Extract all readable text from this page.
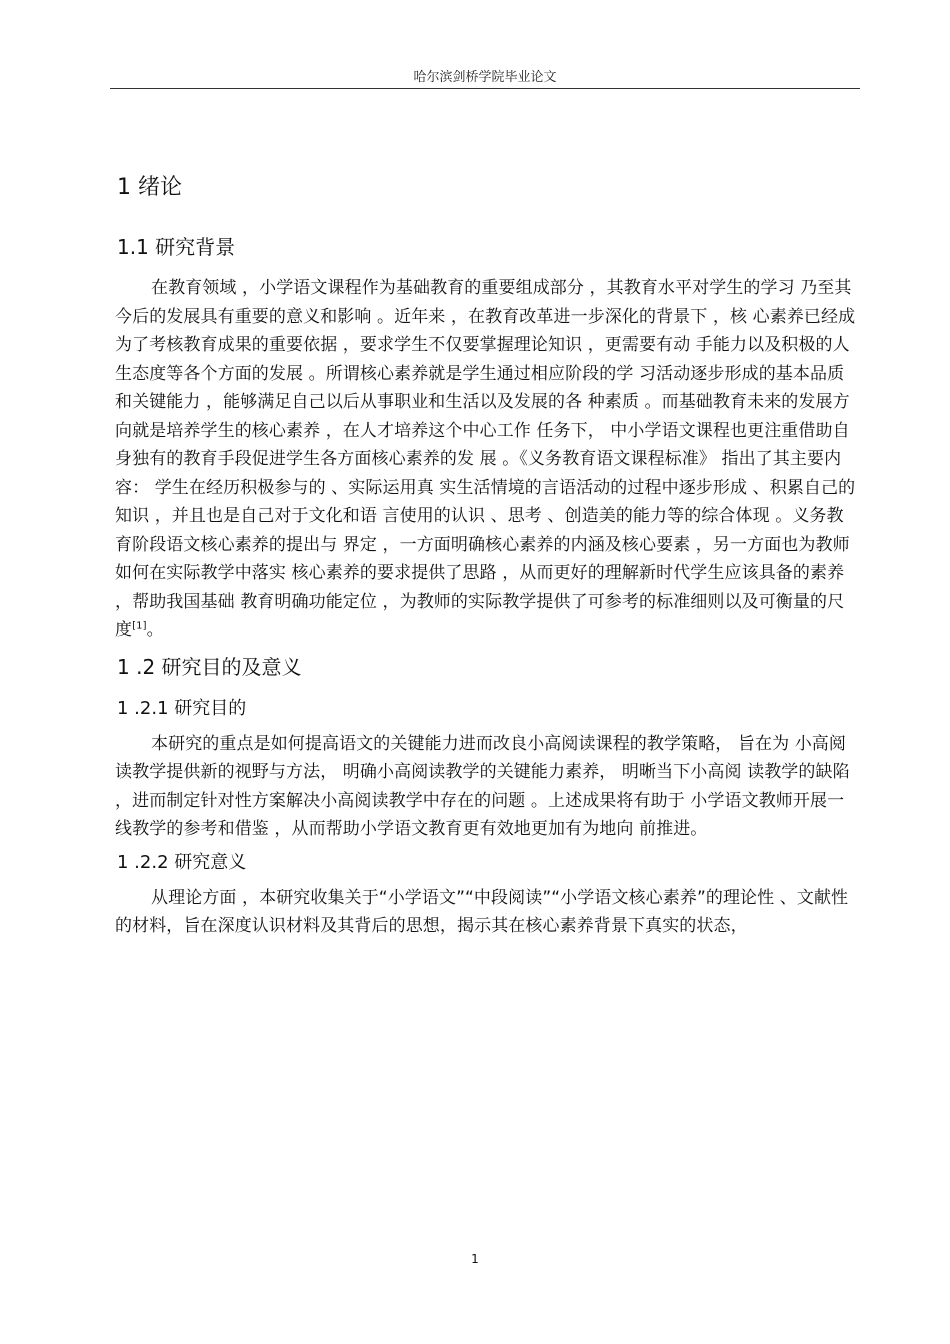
哈尔滨剑桥学院毕业论文
1 绪论
1.1 研究背景

在教育领域 ，小学语文课程作为基础教育的重要组成部分 ，其教育水平对学生的学习 乃至其今后的发展具有重要的意义和影响 。近年来 ，在教育改革进一步深化的背景下 ，核 心素养已经成为了考核教育成果的重要依据 ，要求学生不仅要掌握理论知识 ，更需要有动 手能力以及积极的人生态度等各个方面的发展 。所谓核心素养就是学生通过相应阶段的学 习活动逐步形成的基本品质和关键能力 ，能够满足自己以后从事职业和生活以及发展的各 种素质 。而基础教育未来的发展方向就是培养学生的核心素养 ，在人才培养这个中心工作 任务下， 中小学语文课程也更注重借助自身独有的教育手段促进学生各方面核心素养的发 展 。《义务教育语文课程标准》 指出了其主要内容： 学生在经历积极参与的 、实际运用真 实生活情境的言语活动的过程中逐步形成 、积累自己的知识 ，并且也是自己对于文化和语 言使用的认识 、思考 、创造美的能力等的综合体现 。义务教育阶段语文核心素养的提出与 界定 ，一方面明确核心素养的内涵及核心要素 ，另一方面也为教师如何在实际教学中落实 核心素养的要求提供了思路 ，从而更好的理解新时代学生应该具备的素养 ，帮助我国基础 教育明确功能定位 ，为教师的实际教学提供了可参考的标准细则以及可衡量的尺度[1]。

1 .2 研究目的及意义
1 .2.1 研究目的

本研究的重点是如何提高语文的关键能力进而改良小高阅读课程的教学策略， 旨在为 小高阅读教学提供新的视野与方法， 明确小高阅读教学的关键能力素养， 明晰当下小高阅 读教学的缺陷 ，进而制定针对性方案解决小高阅读教学中存在的问题 。上述成果将有助于 小学语文教师开展一线教学的参考和借鉴 ，从而帮助小学语文教育更有效地更加有为地向 前推进。

1 .2.2 研究意义

从理论方面 ，本研究收集关于“小学语文”“中段阅读”“小学语文核心素养”的理论性 、文献性的材料，旨在深度认识材料及其背后的思想，揭示其在核心素养背景下真实的状态，

1
